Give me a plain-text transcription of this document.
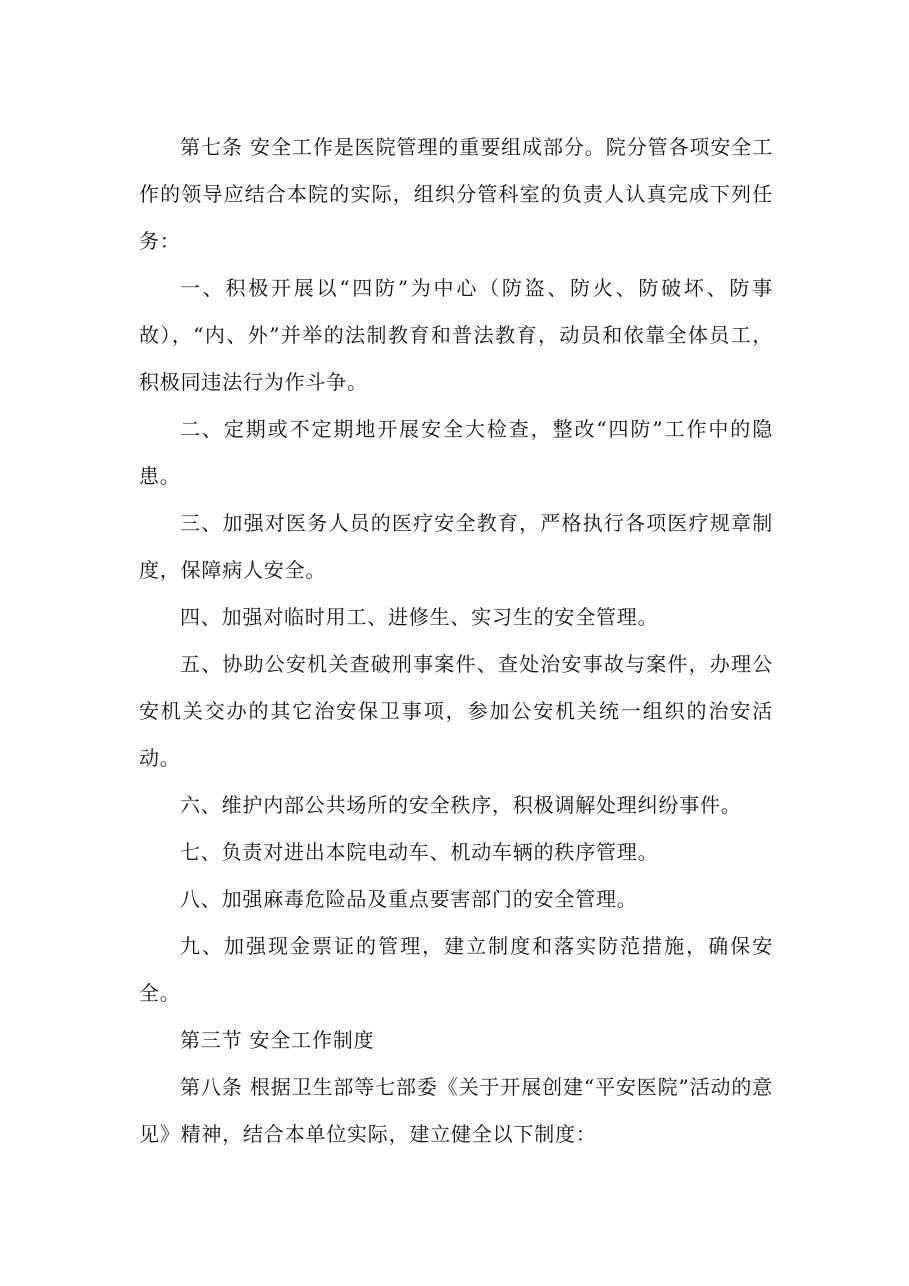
第七条 安全工作是医院管理的重要组成部分。院分管各项安全工作的领导应结合本院的实际，组织分管科室的负责人认真完成下列任务：

一、积极开展以“四防”为中心（防盗、防火、防破坏、防事故），“内、外”并举的法制教育和普法教育，动员和依靠全体员工，积极同违法行为作斗争。

二、定期或不定期地开展安全大检查，整改“四防”工作中的隐患。

三、加强对医务人员的医疗安全教育，严格执行各项医疗规章制度，保障病人安全。

四、加强对临时用工、进修生、实习生的安全管理。

五、协助公安机关查破刑事案件、查处治安事故与案件，办理公安机关交办的其它治安保卫事项，参加公安机关统一组织的治安活动。

六、维护内部公共场所的安全秩序，积极调解处理纠纷事件。

七、负责对进出本院电动车、机动车辆的秩序管理。

八、加强麻毒危险品及重点要害部门的安全管理。

九、加强现金票证的管理，建立制度和落实防范措施，确保安全。

第三节 安全工作制度

第八条 根据卫生部等七部委《关于开展创建“平安医院”活动的意见》精神，结合本单位实际，建立健全以下制度：
